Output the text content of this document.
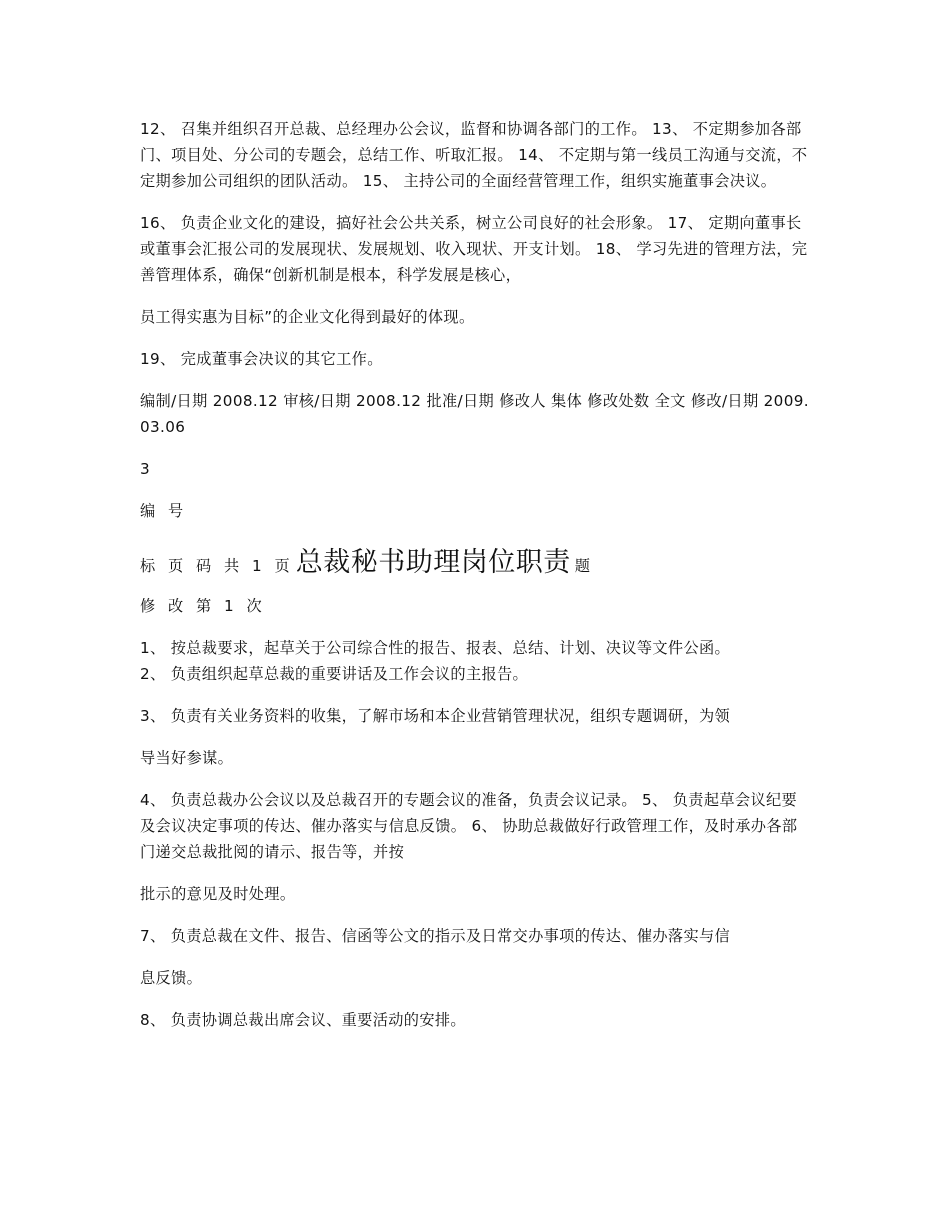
12、 召集并组织召开总裁、总经理办公会议，监督和协调各部门的工作。 13、 不定期参加各部门、项目处、分公司的专题会，总结工作、听取汇报。 14、 不定期与第一线员工沟通与交流，不定期参加公司组织的团队活动。 15、 主持公司的全面经营管理工作，组织实施董事会决议。

16、 负责企业文化的建设，搞好社会公共关系，树立公司良好的社会形象。 17、 定期向董事长或董事会汇报公司的发展现状、发展规划、收入现状、开支计划。 18、 学习先进的管理方法，完善管理体系，确保“创新机制是根本，科学发展是核心，

员工得实惠为目标”的企业文化得到最好的体现。

19、 完成董事会决议的其它工作。

编制/日期 2008.12 审核/日期 2008.12 批准/日期 修改人 集体 修改处数 全文 修改/日期 2009.03.06

3

编 号

标 页 码 共 1 页 总裁秘书助理岗位职责 题

修 改 第 1 次

1、 按总裁要求，起草关于公司综合性的报告、报表、总结、计划、决议等文件公函。

2、 负责组织起草总裁的重要讲话及工作会议的主报告。

3、 负责有关业务资料的收集，了解市场和本企业营销管理状况，组织专题调研，为领

导当好参谋。

4、 负责总裁办公会议以及总裁召开的专题会议的准备，负责会议记录。 5、 负责起草会议纪要及会议决定事项的传达、催办落实与信息反馈。 6、 协助总裁做好行政管理工作，及时承办各部门递交总裁批阅的请示、报告等，并按

批示的意见及时处理。

7、 负责总裁在文件、报告、信函等公文的指示及日常交办事项的传达、催办落实与信

息反馈。

8、 负责协调总裁出席会议、重要活动的安排。
